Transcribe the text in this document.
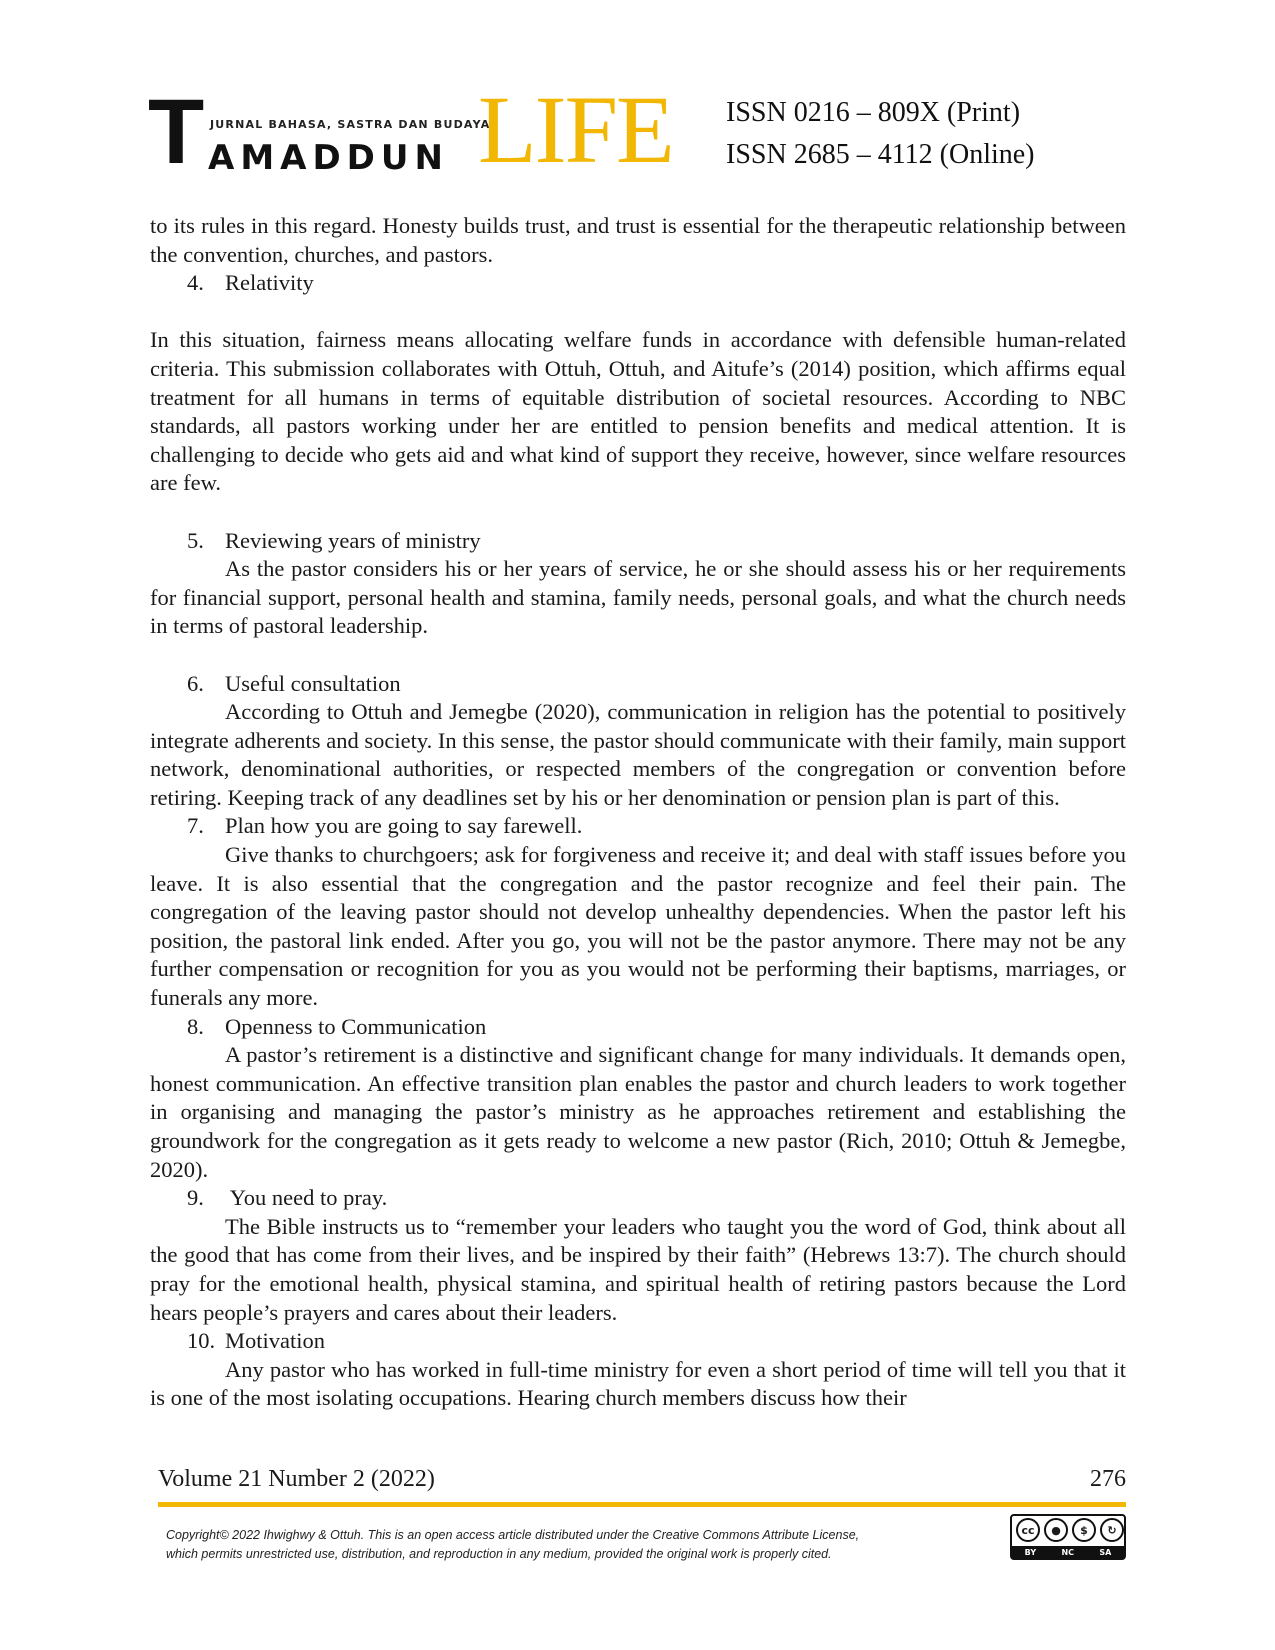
T JURNAL BAHASA, SASTRA DAN BUDAYA
AMADDUN LIFE ISSN 0216 – 809X (Print)
ISSN 2685 – 4112 (Online)

to its rules in this regard. Honesty builds trust, and trust is essential for the therapeutic relationship between the convention, churches, and pastors.

4. Relativity

In this situation, fairness means allocating welfare funds in accordance with defensible human-related criteria. This submission collaborates with Ottuh, Ottuh, and Aitufe’s (2014) position, which affirms equal treatment for all humans in terms of equitable distribution of societal resources. According to NBC standards, all pastors working under her are entitled to pension benefits and medical attention. It is challenging to decide who gets aid and what kind of support they receive, however, since welfare resources are few.

5. Reviewing years of ministry

As the pastor considers his or her years of service, he or she should assess his or her requirements for financial support, personal health and stamina, family needs, personal goals, and what the church needs in terms of pastoral leadership.

6. Useful consultation

According to Ottuh and Jemegbe (2020), communication in religion has the potential to positively integrate adherents and society. In this sense, the pastor should communicate with their family, main support network, denominational authorities, or respected members of the congregation or convention before retiring. Keeping track of any deadlines set by his or her denomination or pension plan is part of this.

7. Plan how you are going to say farewell.

Give thanks to churchgoers; ask for forgiveness and receive it; and deal with staff issues before you leave. It is also essential that the congregation and the pastor recognize and feel their pain. The congregation of the leaving pastor should not develop unhealthy dependencies. When the pastor left his position, the pastoral link ended. After you go, you will not be the pastor anymore. There may not be any further compensation or recognition for you as you would not be performing their baptisms, marriages, or funerals any more.

8. Openness to Communication

A pastor’s retirement is a distinctive and significant change for many individuals. It demands open, honest communication. An effective transition plan enables the pastor and church leaders to work together in organising and managing the pastor’s ministry as he approaches retirement and establishing the groundwork for the congregation as it gets ready to welcome a new pastor (Rich, 2010; Ottuh & Jemegbe, 2020).

9. You need to pray.

The Bible instructs us to “remember your leaders who taught you the word of God, think about all the good that has come from their lives, and be inspired by their faith” (Hebrews 13:7). The church should pray for the emotional health, physical stamina, and spiritual health of retiring pastors because the Lord hears people’s prayers and cares about their leaders.

10. Motivation

Any pastor who has worked in full-time ministry for even a short period of time will tell you that it is one of the most isolating occupations. Hearing church members discuss how their

Volume 21 Number 2 (2022)	276
Copyright© 2022 Ihwighwy & Ottuh. This is an open access article distributed under the Creative Commons Attribute License,
which permits unrestricted use, distribution, and reproduction in any medium, provided the original work is properly cited.
cc	●	$	↻
BY	NC	SA
